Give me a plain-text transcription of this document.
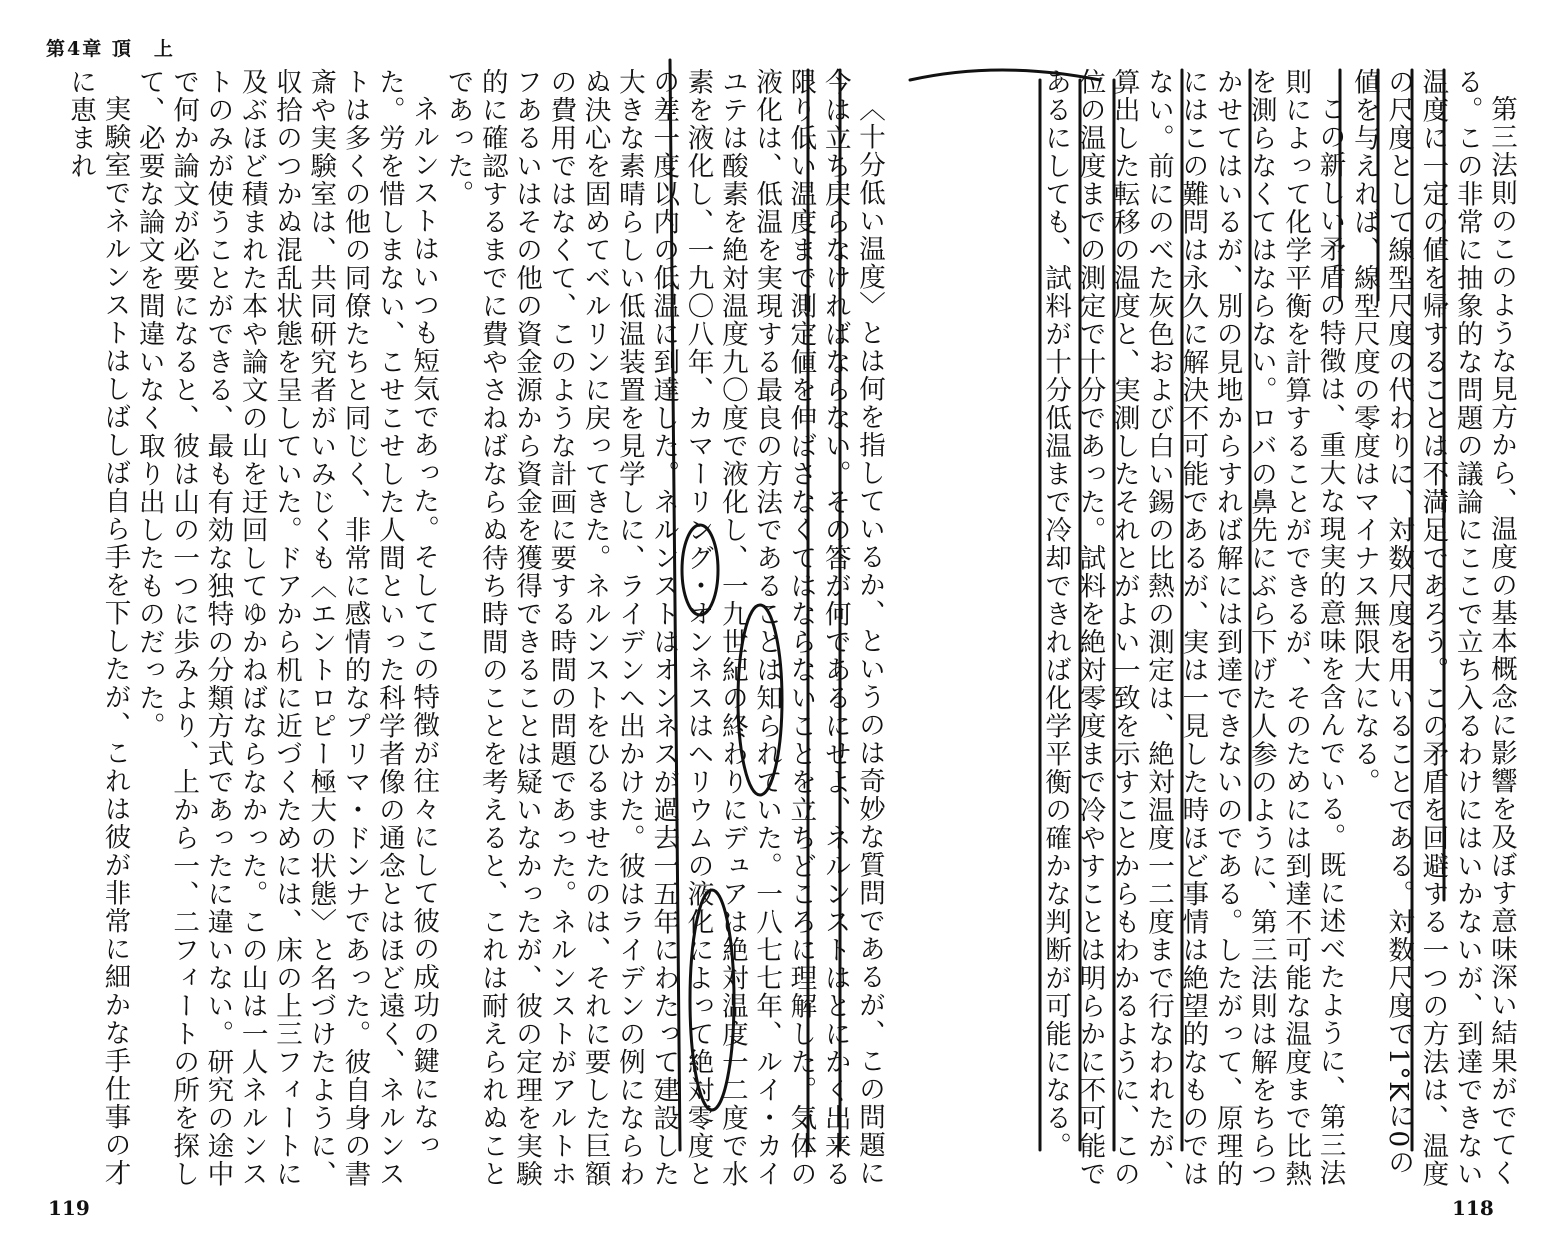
第4章 頂　上

第三法則のこのような見方から、温度の基本概念に影響を及ぼす意味深い結果がでてくる。この非常に抽象的な問題の議論にここで立ち入るわけにはいかないが、到達できない温度に一定の値を帰することは不満足であろう。この矛盾を回避する一つの方法は、温度の尺度として線型尺度の代わりに、対数尺度を用いることである。対数尺度で1°Kに0の値を与えれば、線型尺度の零度はマイナス無限大になる。

この新しい矛盾の特徴は、重大な現実的意味を含んでいる。既に述べたように、第三法則によって化学平衡を計算することができるが、そのためには到達不可能な温度まで比熱を測らなくてはならない。ロバの鼻先にぶら下げた人参のように、第三法則は解をちらつかせてはいるが、別の見地からすれば解には到達できないのである。したがって、原理的にはこの難問は永久に解決不可能であるが、実は一見した時ほど事情は絶望的なものではない。前にのべた灰色および白い錫の比熱の測定は、絶対温度一二度まで行なわれたが、算出した転移の温度と、実測したそれとがよい一致を示すことからもわかるように、この位の温度までの測定で十分であった。試料を絶対零度まで冷やすことは明らかに不可能であるにしても、試料が十分低温まで冷却できれば化学平衡の確かな判断が可能になる。

〈十分低い温度〉とは何を指しているか、というのは奇妙な質問であるが、この問題に今は立ち戻らなければならない。その答が何であるにせよ、ネルンストはとにかく出来る限り低い温度まで測定値を伸ばさなくてはならないことを立ちどころに理解した。気体の液化は、低温を実現する最良の方法であることは知られていた。一八七七年、ルイ・カイユテは酸素を絶対温度九〇度で液化し、一九世紀の終わりにデュアは絶対温度一二度で水素を液化し、一九〇八年、カマーリング・オンネスはヘリウムの液化によって絶対零度との差一度以内の低温に到達した。ネルンストはオンネスが過去一五年にわたって建設した大きな素晴らしい低温装置を見学しに、ライデンへ出かけた。彼はライデンの例にならわぬ決心を固めてベルリンに戻ってきた。ネルンストをひるませたのは、それに要した巨額の費用ではなくて、このような計画に要する時間の問題であった。ネルンストがアルトホフあるいはその他の資金源から資金を獲得できることは疑いなかったが、彼の定理を実験的に確認するまでに費やさねばならぬ待ち時間のことを考えると、これは耐えられぬことであった。

ネルンストはいつも短気であった。そしてこの特徴が往々にして彼の成功の鍵になった。労を惜しまない、こせこせした人間といった科学者像の通念とはほど遠く、ネルンストは多くの他の同僚たちと同じく、非常に感情的なプリマ・ドンナであった。彼自身の書斎や実験室は、共同研究者がいみじくも〈エントロピー極大の状態〉と名づけたように、収拾のつかぬ混乱状態を呈していた。ドアから机に近づくためには、床の上三フィートに及ぶほど積まれた本や論文の山を迂回してゆかねばならなかった。この山は一人ネルンストのみが使うことができる、最も有効な独特の分類方式であったに違いない。研究の途中で何か論文が必要になると、彼は山の一つに歩みより、上から一、二フィートの所を探して、必要な論文を間違いなく取り出したものだった。

実験室でネルンストはしばしば自ら手を下したが、これは彼が非常に細かな手仕事の才に恵まれ

119	118
